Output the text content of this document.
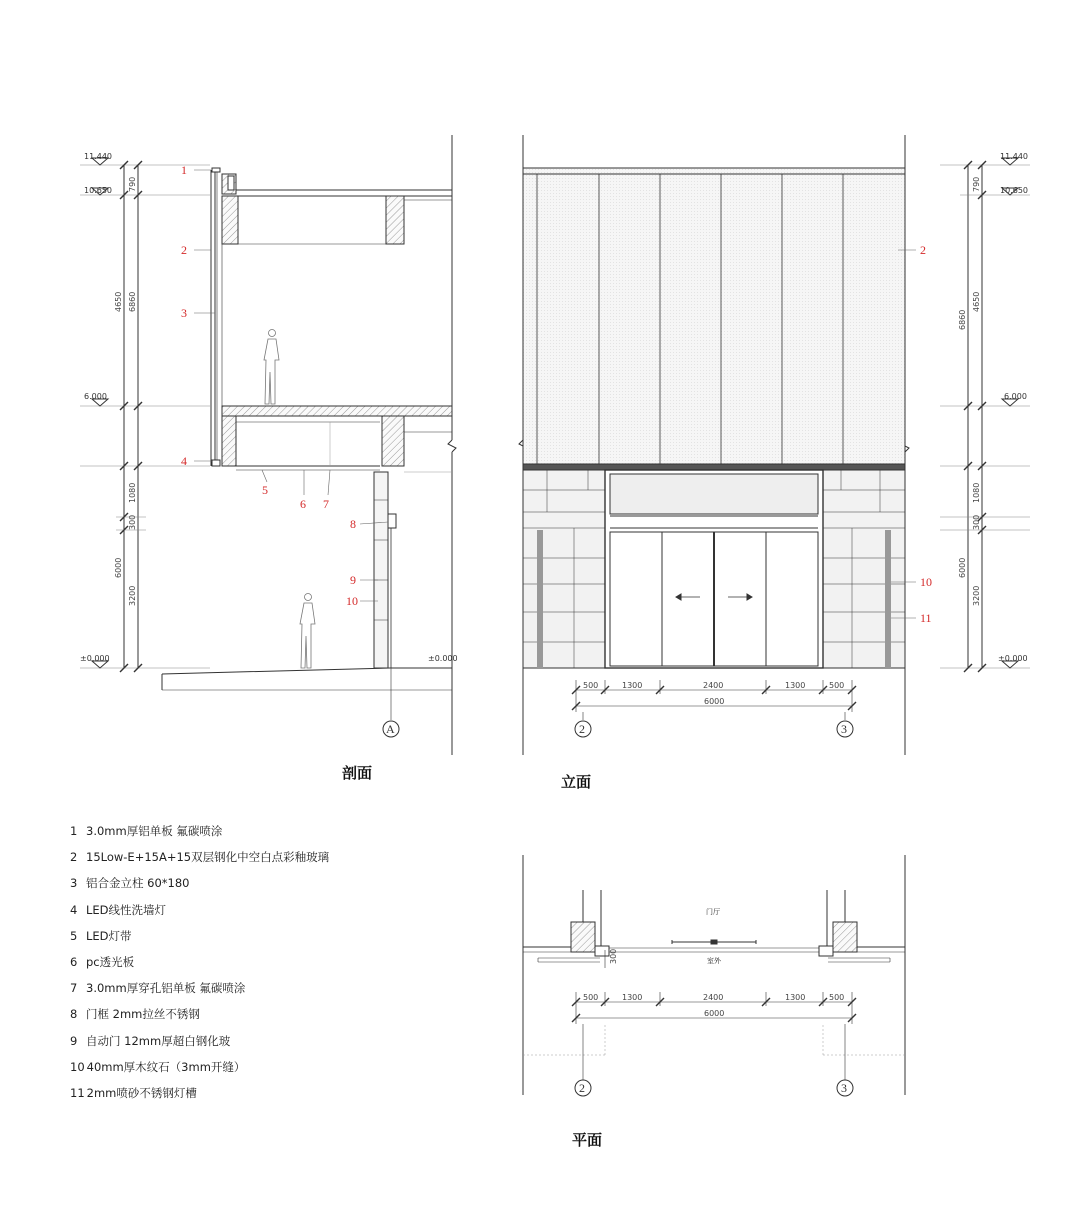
11.440
10.650
6.000
±0.000	±0.000
790
4650 6860
1080
300
6000
3200
1
2
3
4
5
6 7
8
9
10
A
11.440
10.650
6.000
±0.000
790
6860
4650
1080
300
6000
3200
500	1300	2400	1300	500
6000
2
10
11
2	3
门厅
室外
300
500	1300	2400	1300	500
6000
2	3
剖面	立面
平面
1 3.0mm厚铝单板 氟碳喷涂
2 15Low-E+15A+15双层钢化中空白点彩釉玻璃
3 铝合金立柱 60*180
4 LED线性洗墙灯
5 LED灯带
6 pc透光板
7 3.0mm厚穿孔铝单板 氟碳喷涂
8 门框 2mm拉丝不锈钢
9 自动门 12mm厚超白钢化玻
10 40mm厚木纹石（3mm开缝）
11 2mm喷砂不锈钢灯槽
